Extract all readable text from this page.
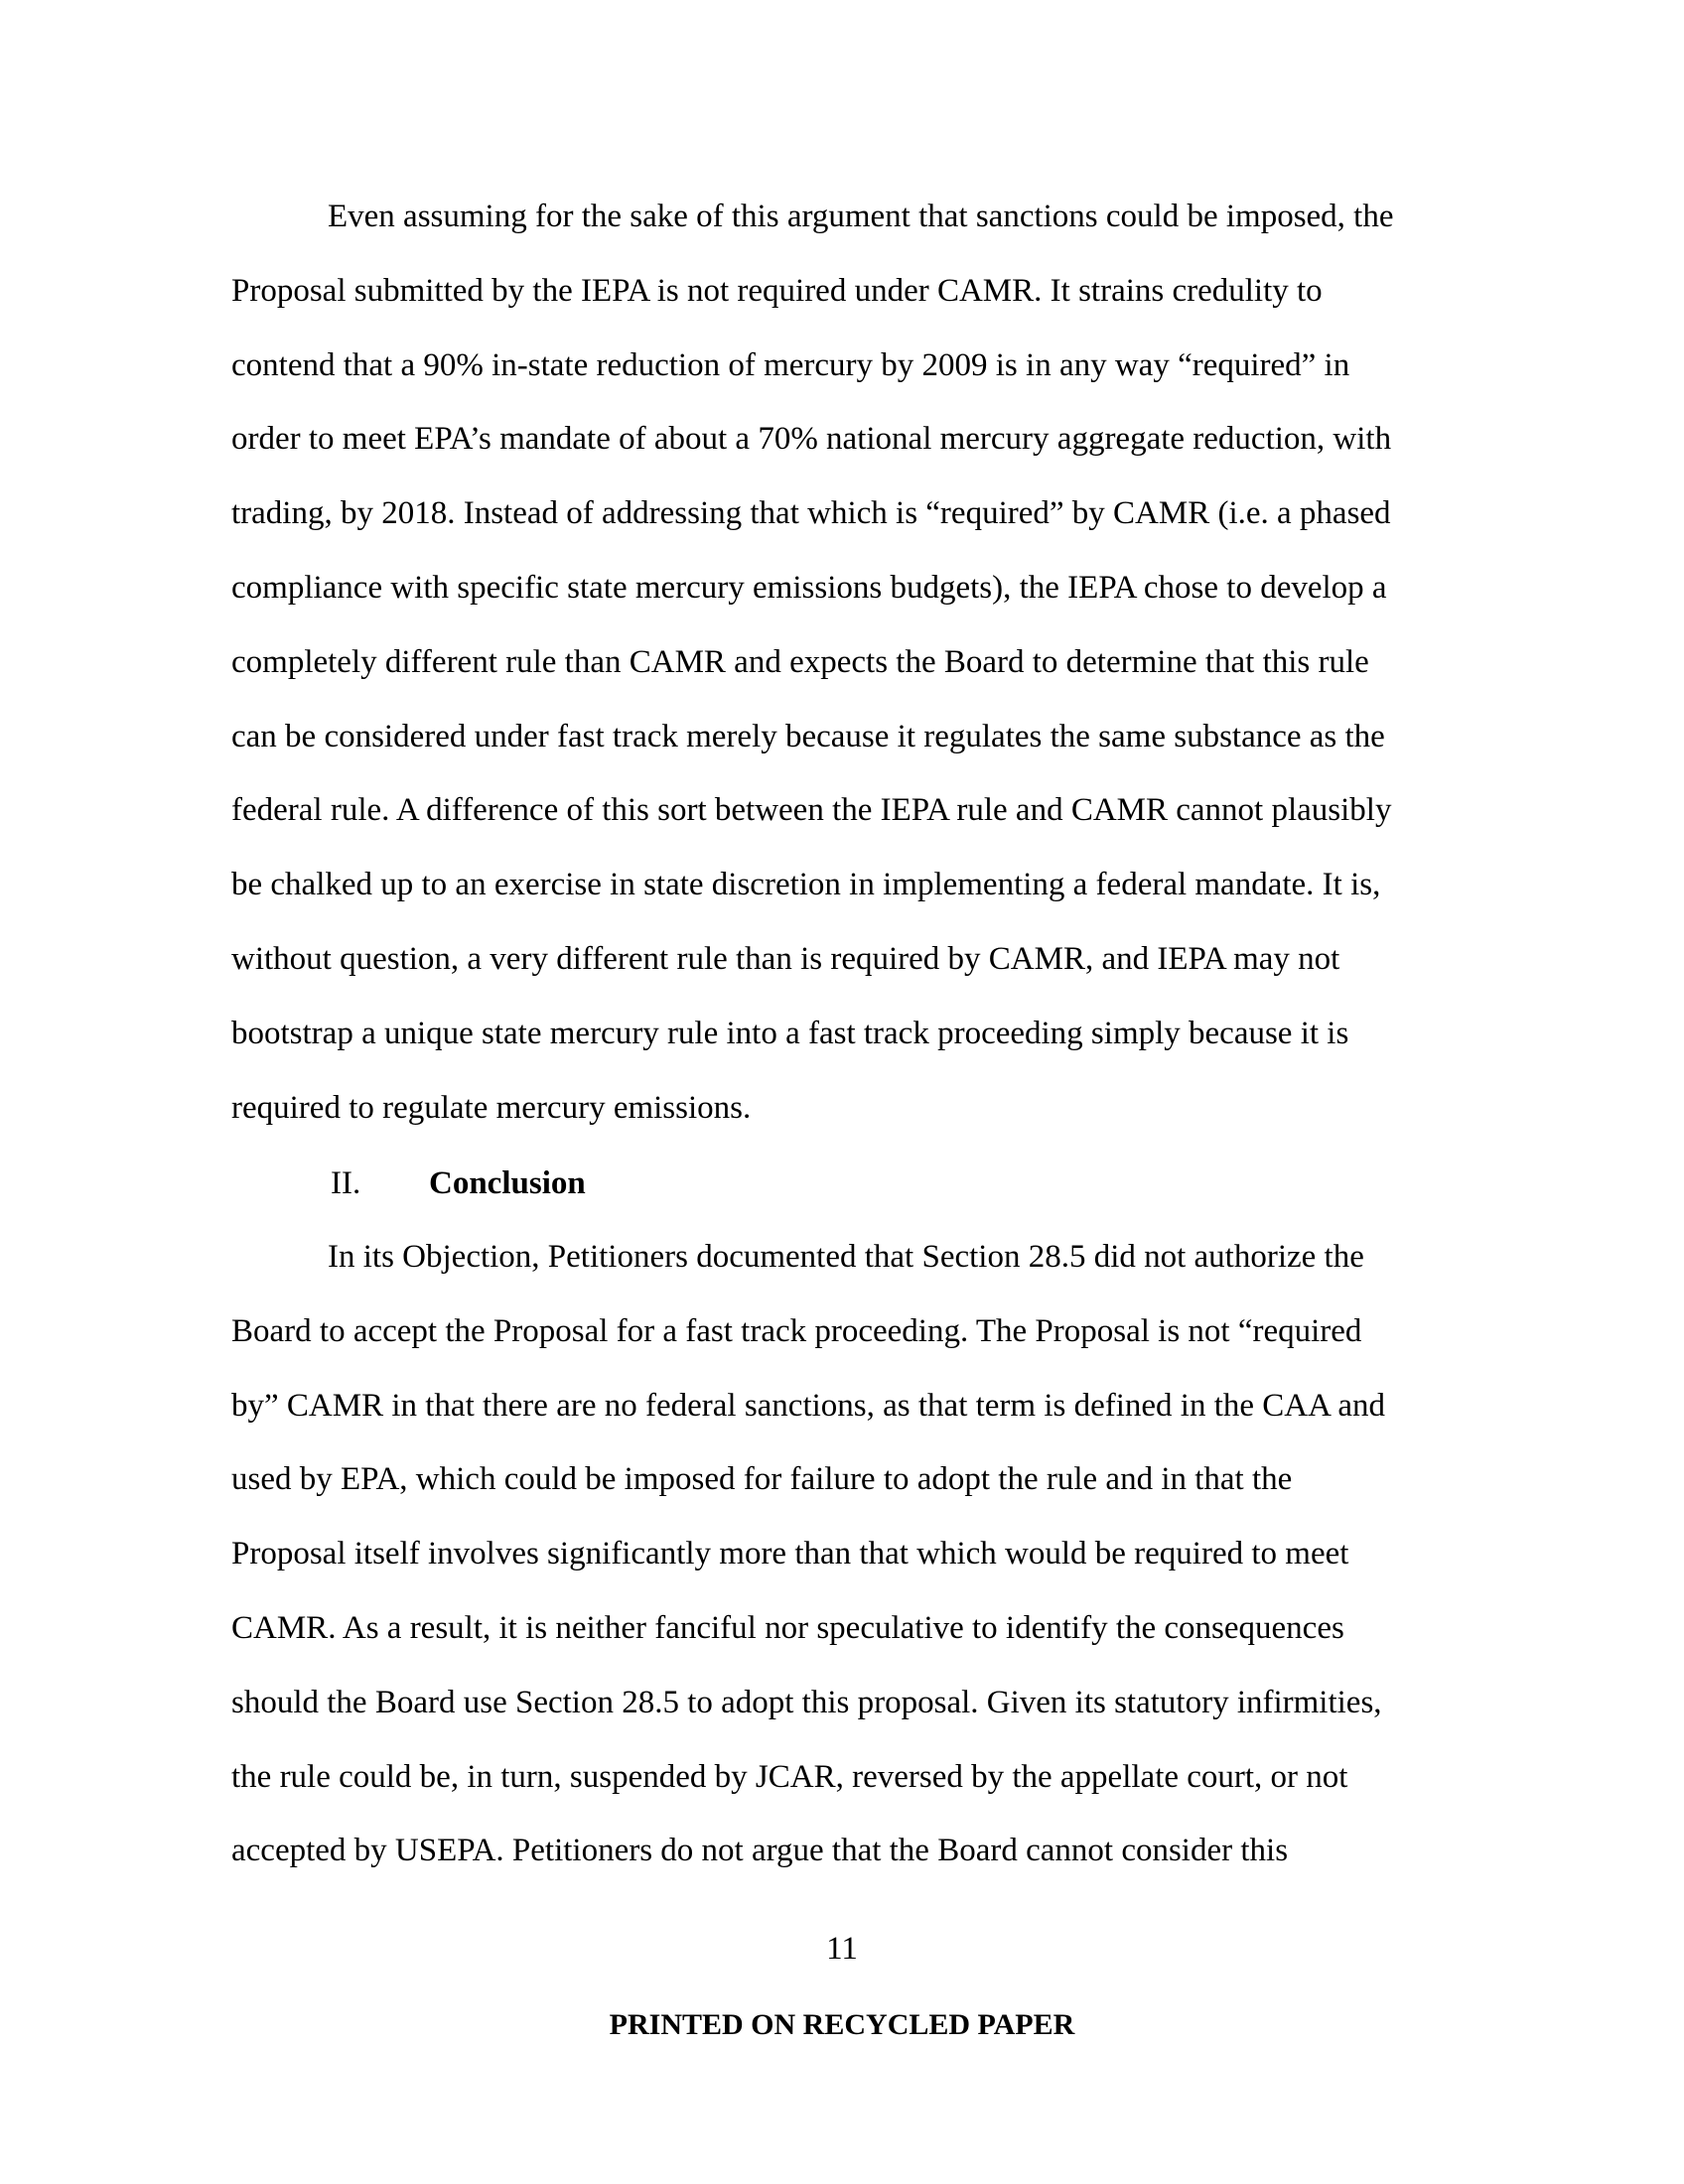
Even assuming for the sake of this argument that sanctions could be imposed, the
Proposal submitted by the IEPA is not required under CAMR. It strains credulity to
contend that a 90% in-state reduction of mercury by 2009 is in any way “required” in
order to meet EPA’s mandate of about a 70% national mercury aggregate reduction, with
trading, by 2018. Instead of addressing that which is “required” by CAMR (i.e. a phased
compliance with specific state mercury emissions budgets), the IEPA chose to develop a
completely different rule than CAMR and expects the Board to determine that this rule
can be considered under fast track merely because it regulates the same substance as the
federal rule. A difference of this sort between the IEPA rule and CAMR cannot plausibly
be chalked up to an exercise in state discretion in implementing a federal mandate. It is,
without question, a very different rule than is required by CAMR, and IEPA may not
bootstrap a unique state mercury rule into a fast track proceeding simply because it is
required to regulate mercury emissions.
II. Conclusion
In its Objection, Petitioners documented that Section 28.5 did not authorize the
Board to accept the Proposal for a fast track proceeding. The Proposal is not “required
by” CAMR in that there are no federal sanctions, as that term is defined in the CAA and
used by EPA, which could be imposed for failure to adopt the rule and in that the
Proposal itself involves significantly more than that which would be required to meet
CAMR. As a result, it is neither fanciful nor speculative to identify the consequences
should the Board use Section 28.5 to adopt this proposal. Given its statutory infirmities,
the rule could be, in turn, suspended by JCAR, reversed by the appellate court, or not
accepted by USEPA. Petitioners do not argue that the Board cannot consider this
11
PRINTED ON RECYCLED PAPER
